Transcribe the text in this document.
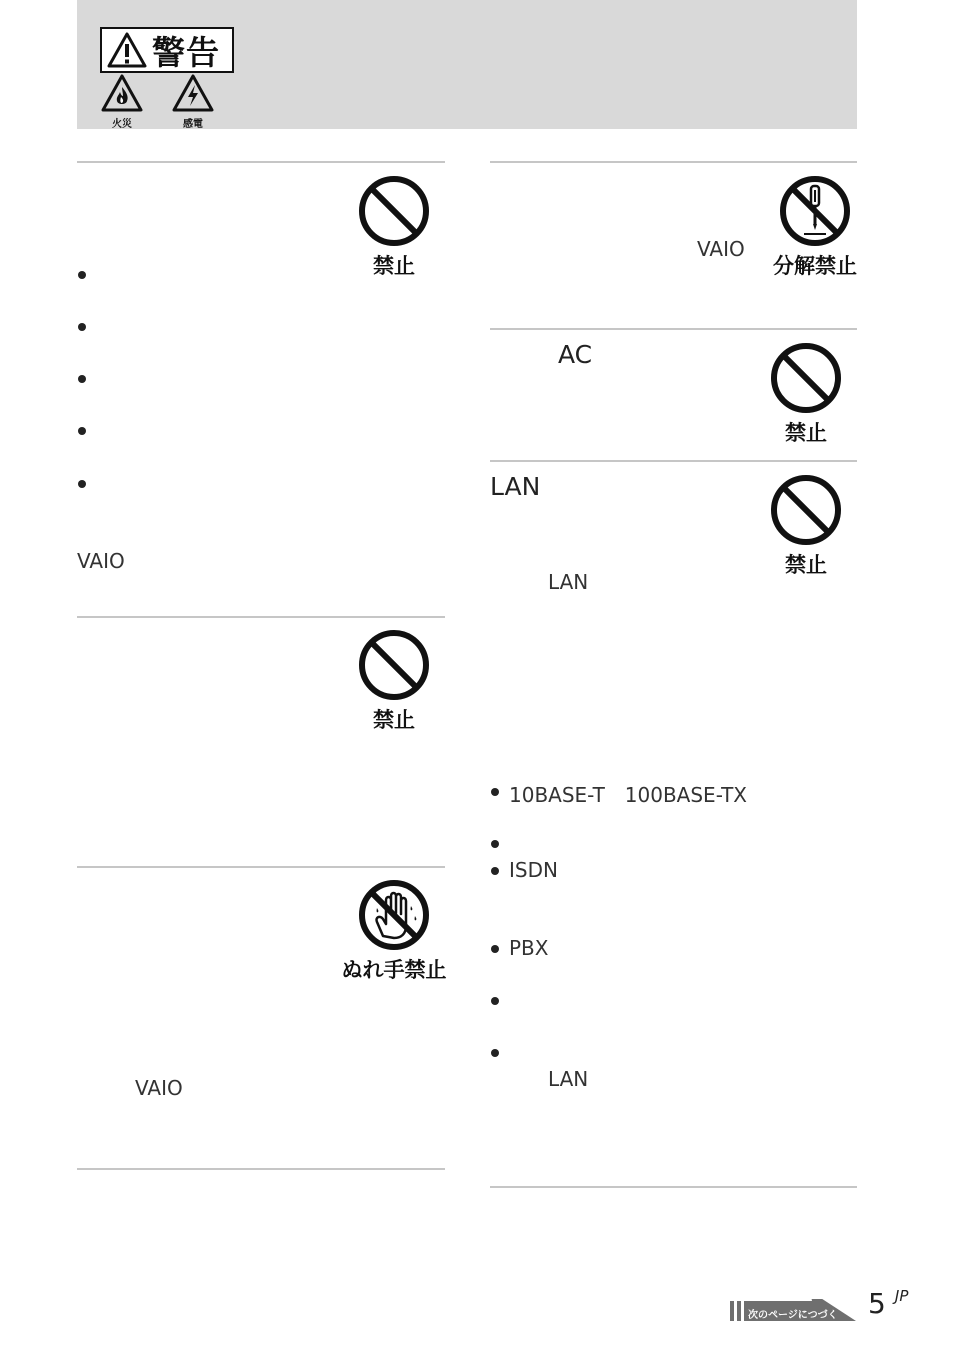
警告
火災	感電
禁止
VAIO
禁止
ぬれ手禁止
VAIO
VAIO
分解禁止
AC
禁止
LAN
禁止
LAN
10BASE-T　100BASE-TX
ISDN
PBX
LAN
次のページにつづく 5 JP
